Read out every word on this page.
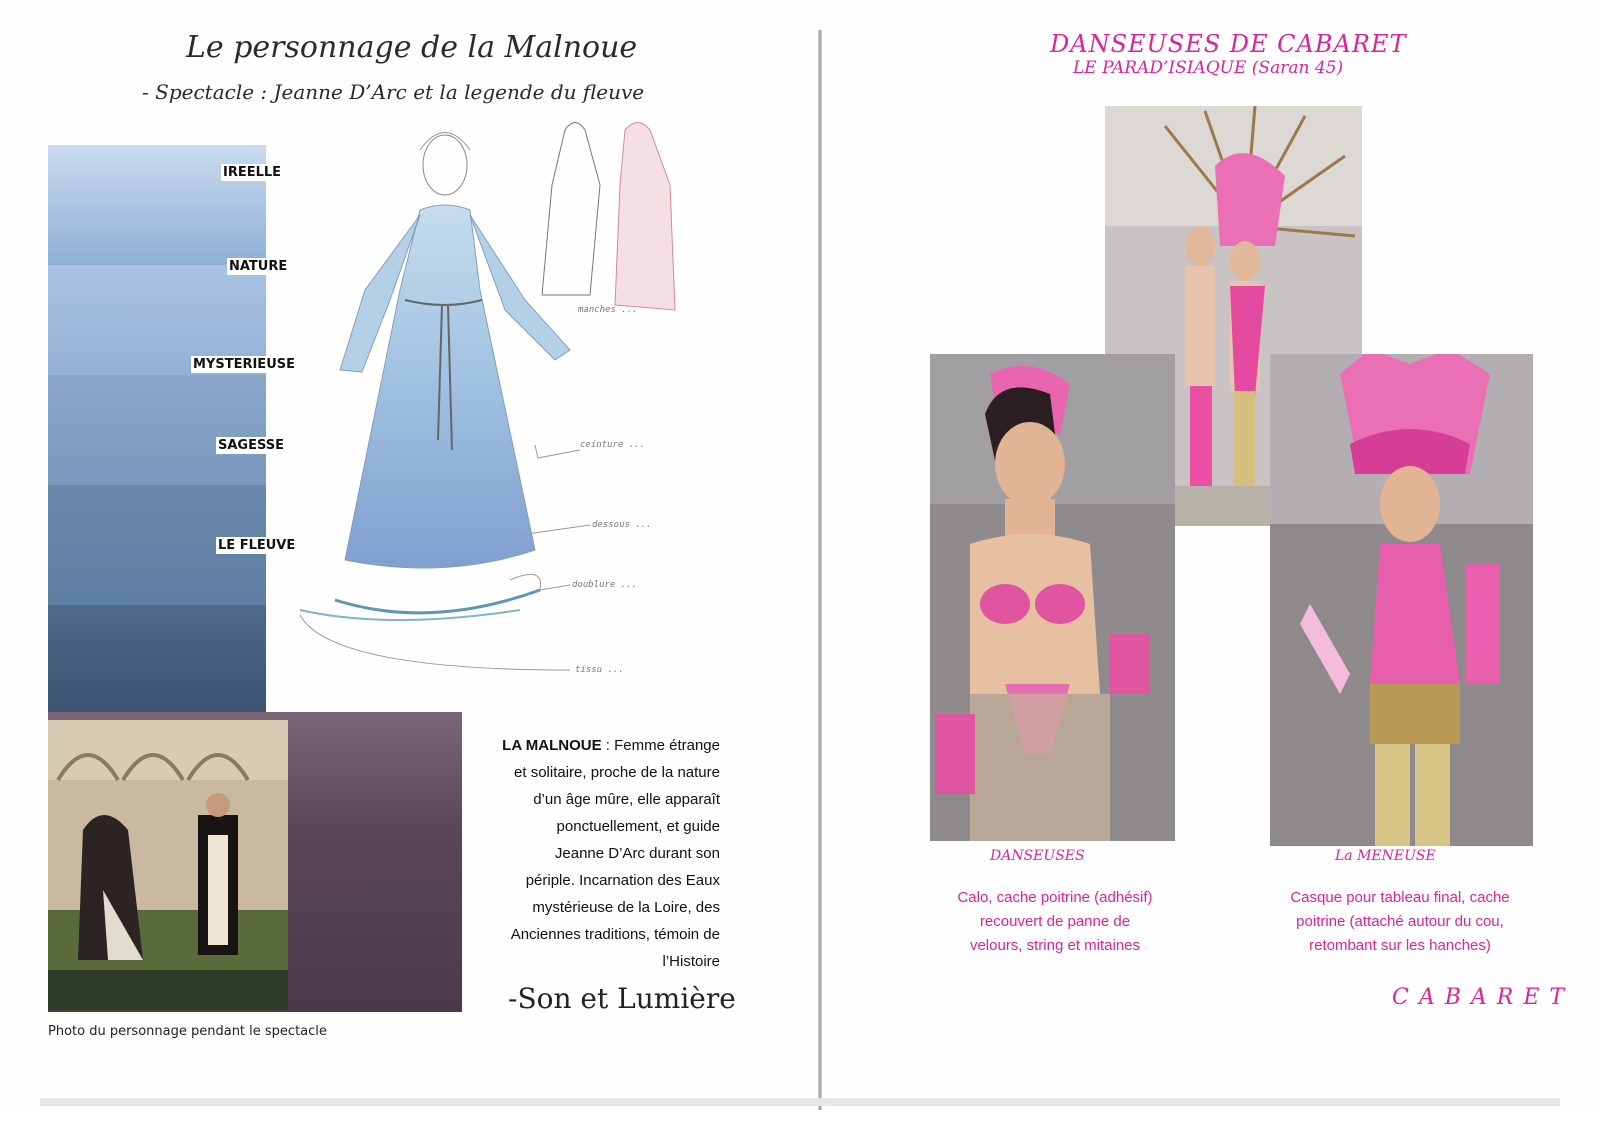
Le personnage de la Malnoue
- Spectacle : Jeanne D’Arc et la legende du fleuve
IREELLE
NATURE
MYSTERIEUSE
SAGESSE
LE FLEUVE
manches ...
ceinture ...
dessous ...
doublure ...
tissu ...
Photo du personnage pendant le spectacle
LA MALNOUE : Femme étrange
et solitaire, proche de la nature
d’un âge mûre, elle apparaît
ponctuellement, et guide
Jeanne D’Arc durant son
périple. Incarnation des Eaux
mystérieuse de la Loire, des
Anciennes traditions, témoin de
l’Histoire
-Son et Lumière
DANSEUSES DE CABARET
LE PARAD’ISIAQUE (Saran 45)
DANSEUSES	La MENEUSE
Calo, cache poitrine (adhésif)
recouvert de panne de
velours, string et mitaines
Casque pour tableau final, cache
poitrine (attaché autour du cou,
retombant sur les hanches)
CABARET
